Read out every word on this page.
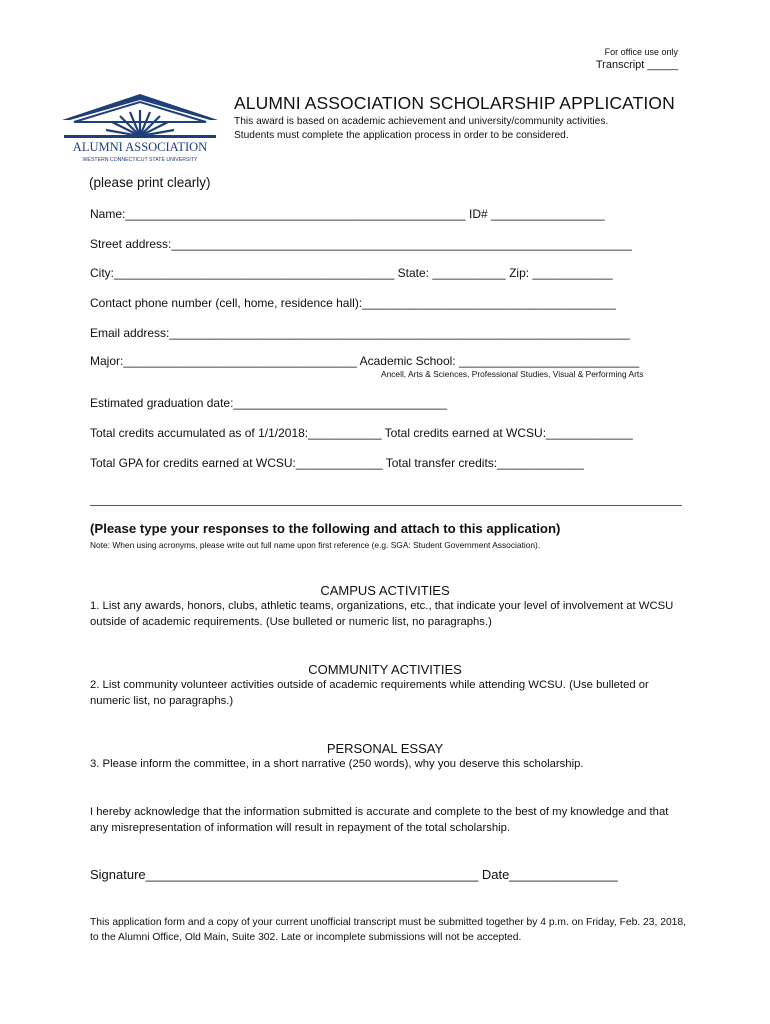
For office use only
Transcript _____
ALUMNI ASSOCIATION
WESTERN CONNECTICUT STATE UNIVERSITY
ALUMNI ASSOCIATION SCHOLARSHIP APPLICATION
This award is based on academic achievement and university/community activities.
Students must complete the application process in order to be considered.
(please print clearly)
Name:___________________________________________________ ID# _________________
Street address:_____________________________________________________________________
City:__________________________________________ State: ___________ Zip: ____________
Contact phone number (cell, home, residence hall):______________________________________
Email address:_____________________________________________________________________
Major:___________________________________ Academic School: ___________________________
Ancell, Arts & Sciences, Professional Studies, Visual & Performing Arts
Estimated graduation date:________________________________
Total credits accumulated as of 1/1/2018:___________ Total credits earned at WCSU:_____________
Total GPA for credits earned at WCSU:_____________ Total transfer credits:_____________
(Please type your responses to the following and attach to this application)
Note: When using acronyms, please write out full name upon first reference (e.g. SGA: Student Government Association).
CAMPUS ACTIVITIES
1. List any awards, honors, clubs, athletic teams, organizations, etc., that indicate your level of involvement at WCSU outside of academic requirements. (Use bulleted or numeric list, no paragraphs.)
COMMUNITY ACTIVITIES
2. List community volunteer activities outside of academic requirements while attending WCSU. (Use bulleted or numeric list, no paragraphs.)
PERSONAL ESSAY
3. Please inform the committee, in a short narrative (250 words), why you deserve this scholarship.
I hereby acknowledge that the information submitted is accurate and complete to the best of my knowledge and that any misrepresentation of information will result in repayment of the total scholarship.
Signature______________________________________________ Date_______________
This application form and a copy of your current unofficial transcript must be submitted together by 4 p.m. on Friday, Feb. 23, 2018, to the Alumni Office, Old Main, Suite 302. Late or incomplete submissions will not be accepted.
